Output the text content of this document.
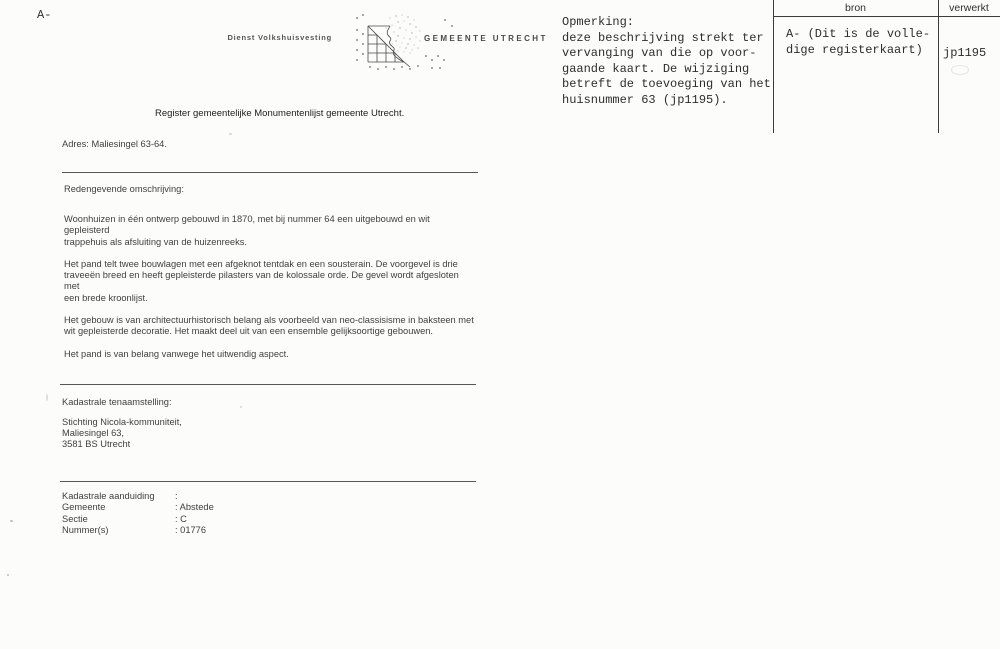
A-
Dienst Volkshuisvesting	GEMEENTE UTRECHT
Opmerking:
deze beschrijving strekt ter
vervanging van die op voor-
gaande kaart. De wijziging
betreft de toevoeging van het
huisnummer 63 (jp1195).
bron	verwerkt
A- (Dit is de volle-
dige registerkaart)	jp1195
Register gemeentelijke Monumentenlijst gemeente Utrecht.
Adres: Maliesingel 63-64.
Redengevende omschrijving:
Woonhuizen in één ontwerp gebouwd in 1870, met bij nummer 64 een uitgebouwd en wit gepleisterd
trappehuis als afsluiting van de huizenreeks.
Het pand telt twee bouwlagen met een afgeknot tentdak en een sousterain. De voorgevel is drie
traveeën breed en heeft gepleisterde pilasters van de kolossale orde. De gevel wordt afgesloten met
een brede kroonlijst.
Het gebouw is van architectuurhistorisch belang als voorbeeld van neo-classisisme in baksteen met
wit gepleisterde decoratie. Het maakt deel uit van een ensemble gelijksoortige gebouwen.
Het pand is van belang vanwege het uitwendig aspect.
Kadastrale tenaamstelling:
Stichting Nicola-kommuniteit,
Maliesingel 63,
3581 BS Utrecht
Kadastrale aanduiding	:
Gemeente	: Abstede
Sectie	: C
Nummer(s)	: 01776
